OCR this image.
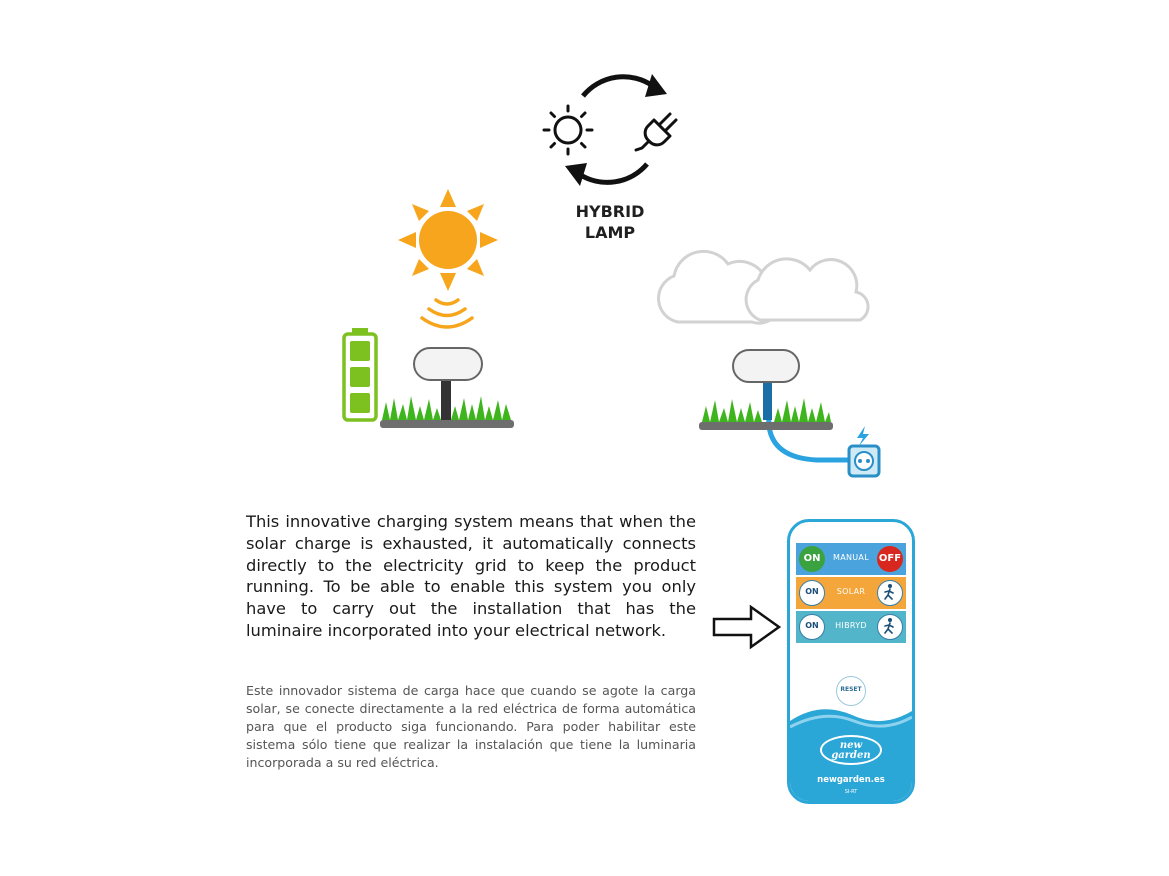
HYBRID
LAMP

This innovative charging system means that when the solar charge is exhausted, it automatically connects directly to the electricity grid to keep the product running. To be able to enable this system you only have to carry out the installation that has the luminaire incorporated into your electrical network.

Este innovador sistema de carga hace que cuando se agote la carga solar, se conecte directamente a la red eléctrica de forma automática para que el producto siga funcionando. Para poder habilitar este sistema sólo tiene que realizar la instalación que tiene la luminaria incorporada a su red eléctrica.

ON	MANUAL OFF
ON	SOLAR
ON	HIBRYD
RESET
new
garden
newgarden.es
SI-RT
